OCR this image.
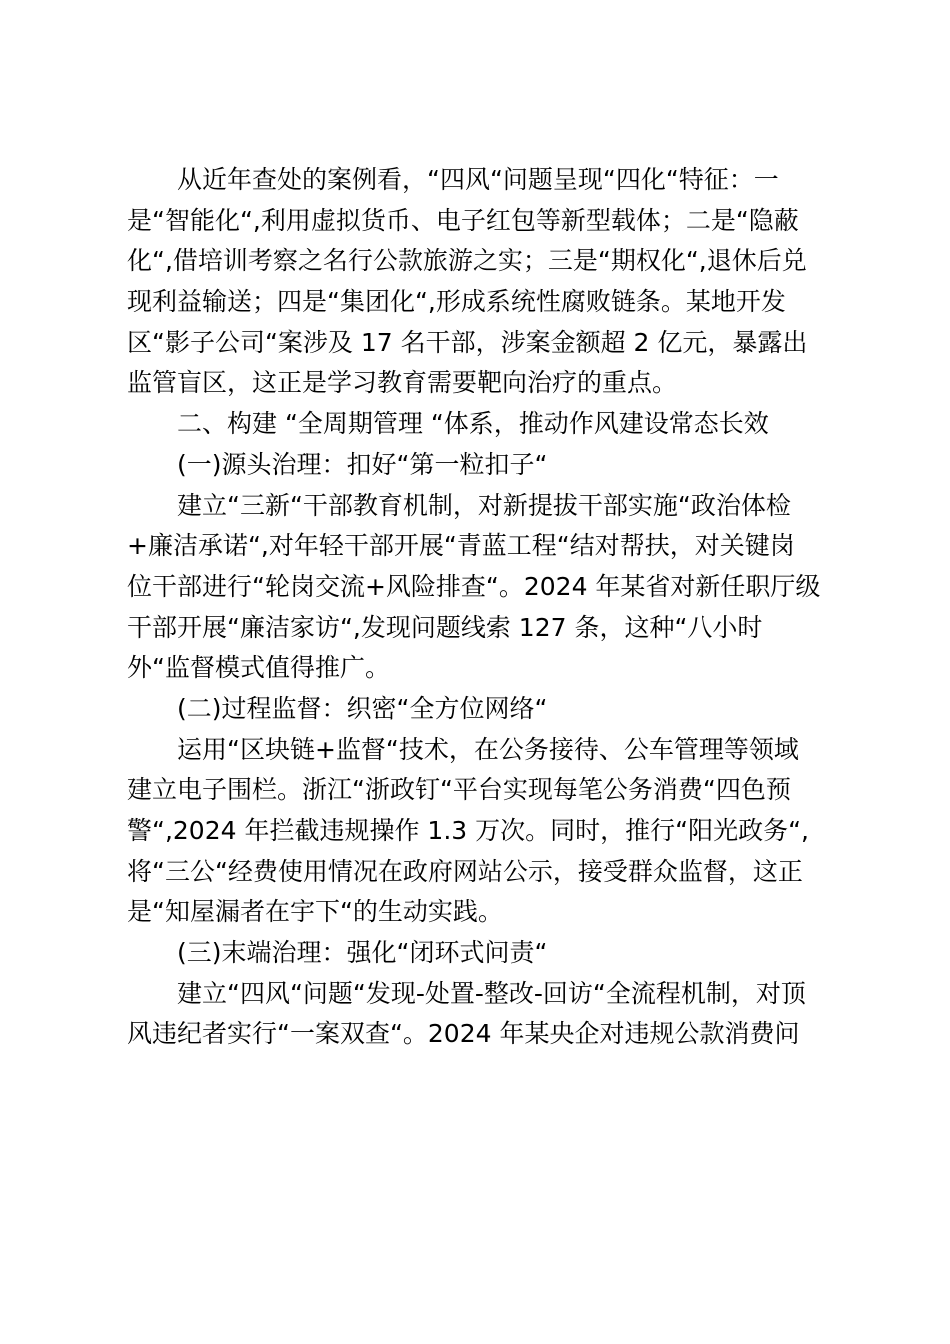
从近年查处的案例看，“四风“问题呈现“四化“特征：一
是“智能化“,利用虚拟货币、电子红包等新型载体；二是“隐蔽
化“,借培训考察之名行公款旅游之实；三是“期权化“,退休后兑
现利益输送；四是“集团化“,形成系统性腐败链条。某地开发
区“影子公司“案涉及 17 名干部，涉案金额超 2 亿元，暴露出
监管盲区，这正是学习教育需要靶向治疗的重点。
二、构建 “全周期管理 “体系，推动作风建设常态长效
(一)源头治理：扣好“第一粒扣子“
建立“三新“干部教育机制，对新提拔干部实施“政治体检
+廉洁承诺“,对年轻干部开展“青蓝工程“结对帮扶，对关键岗
位干部进行“轮岗交流+风险排查“。2024 年某省对新任职厅级
干部开展“廉洁家访“,发现问题线索 127 条，这种“八小时
外“监督模式值得推广。
(二)过程监督：织密“全方位网络“
运用“区块链+监督“技术，在公务接待、公车管理等领域
建立电子围栏。浙江“浙政钉“平台实现每笔公务消费“四色预
警“,2024 年拦截违规操作 1.3 万次。同时，推行“阳光政务“,
将“三公“经费使用情况在政府网站公示，接受群众监督，这正
是“知屋漏者在宇下“的生动实践。
(三)末端治理：强化“闭环式问责“
建立“四风“问题“发现-处置-整改-回访“全流程机制，对顶
风违纪者实行“一案双查“。2024 年某央企对违规公款消费问
